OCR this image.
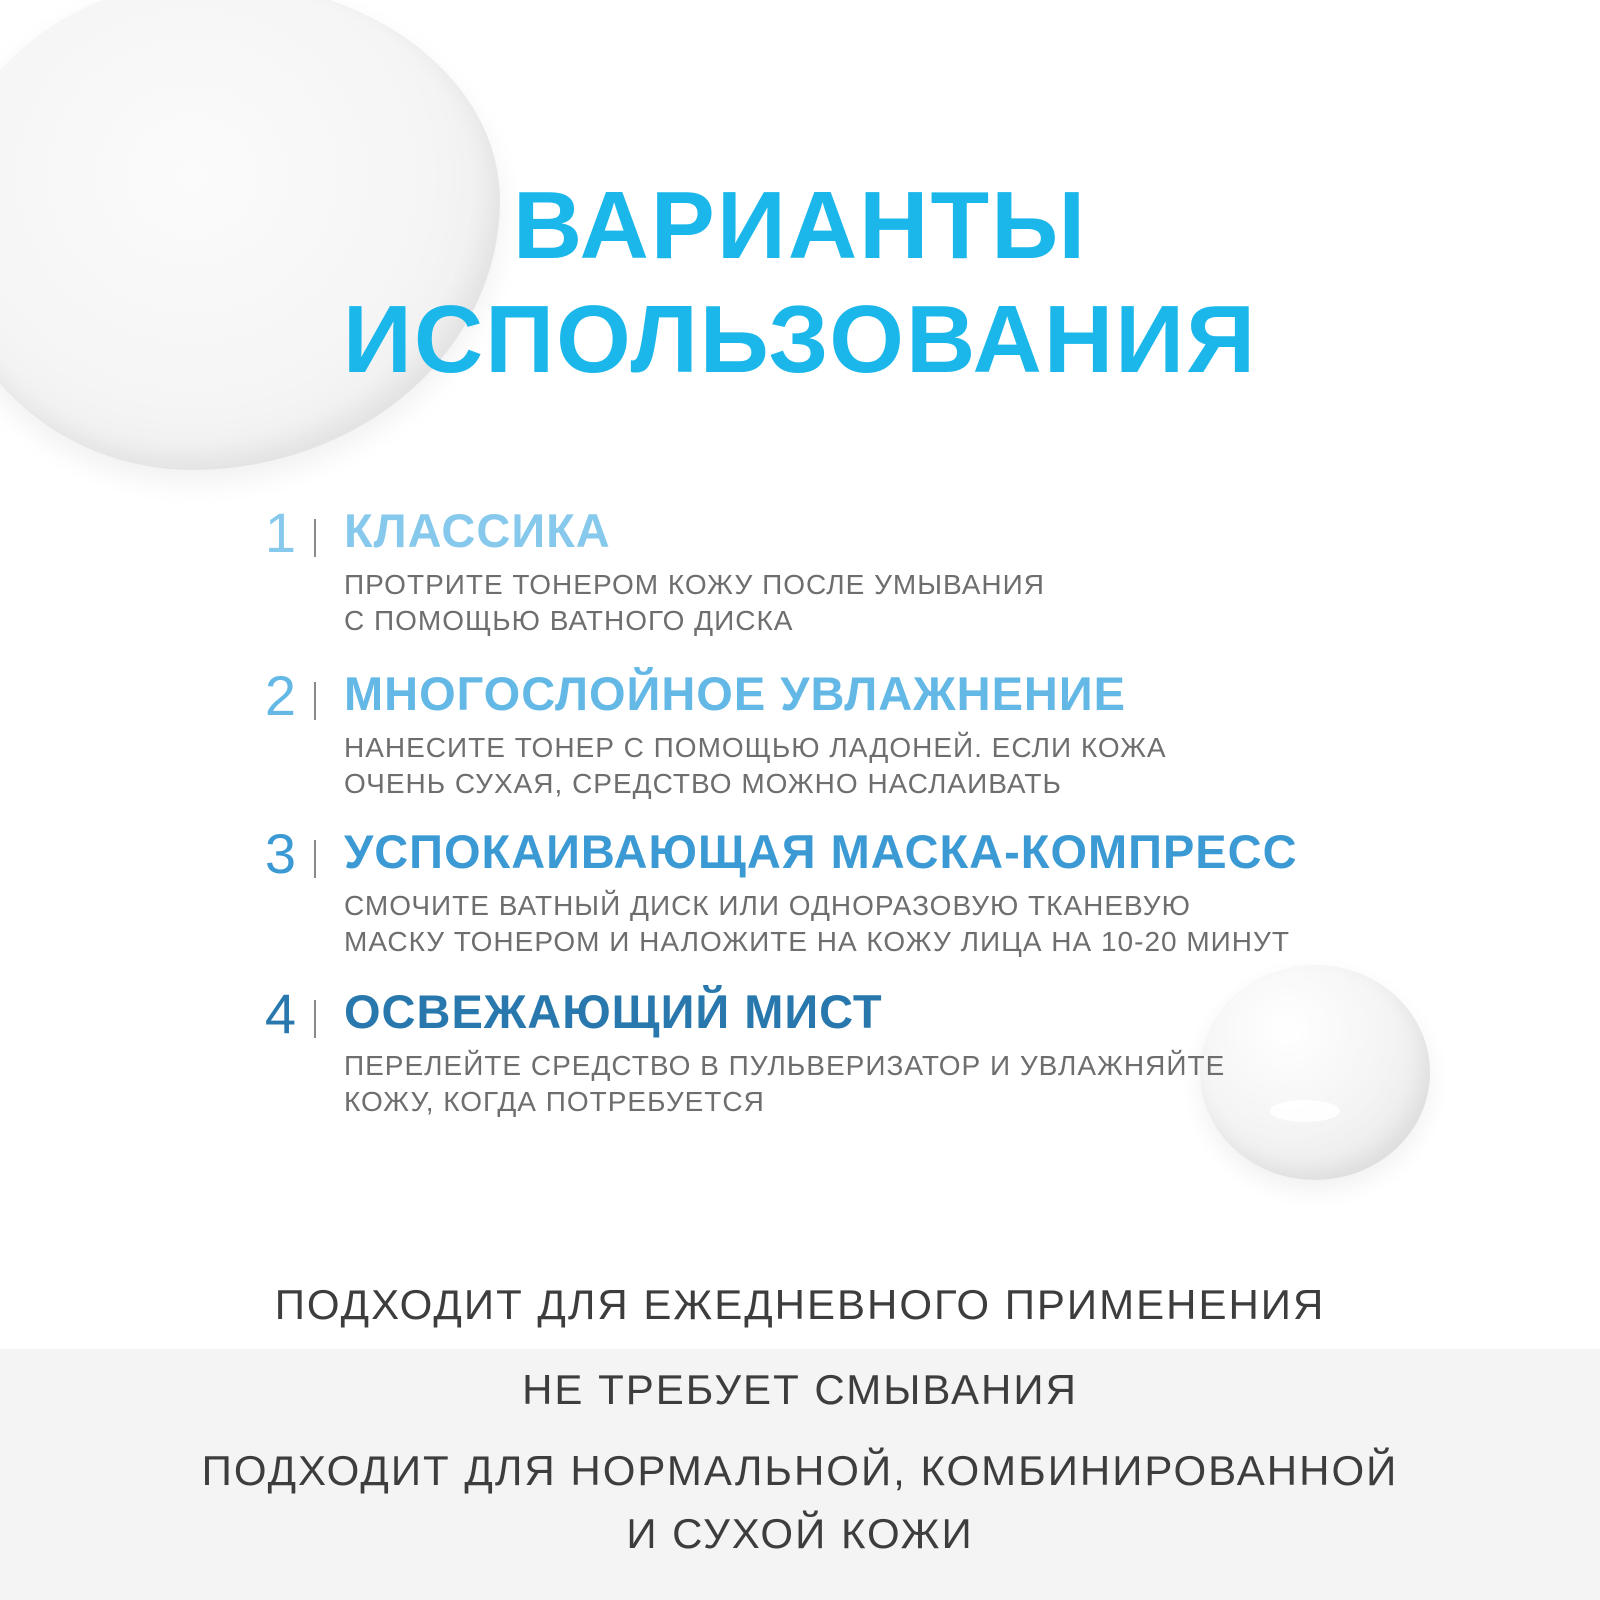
ВАРИАНТЫ
ИСПОЛЬЗОВАНИЯ
1 КЛАССИКА

ПРОТРИТЕ ТОНЕРОМ КОЖУ ПОСЛЕ УМЫВАНИЯ
С ПОМОЩЬЮ ВАТНОГО ДИСКА

2 МНОГОСЛОЙНОЕ УВЛАЖНЕНИЕ

НАНЕСИТЕ ТОНЕР С ПОМОЩЬЮ ЛАДОНЕЙ. ЕСЛИ КОЖА
ОЧЕНЬ СУХАЯ, СРЕДСТВО МОЖНО НАСЛАИВАТЬ

3 УСПОКАИВАЮЩАЯ МАСКА-КОМПРЕСС

СМОЧИТЕ ВАТНЫЙ ДИСК ИЛИ ОДНОРАЗОВУЮ ТКАНЕВУЮ
МАСКУ ТОНЕРОМ И НАЛОЖИТЕ НА КОЖУ ЛИЦА НА 10-20 МИНУТ

4 ОСВЕЖАЮЩИЙ МИСТ

ПЕРЕЛЕЙТЕ СРЕДСТВО В ПУЛЬВЕРИЗАТОР И УВЛАЖНЯЙТЕ
КОЖУ, КОГДА ПОТРЕБУЕТСЯ

ПОДХОДИТ ДЛЯ ЕЖЕДНЕВНОГО ПРИМЕНЕНИЯ

НЕ ТРЕБУЕТ СМЫВАНИЯ

ПОДХОДИТ ДЛЯ НОРМАЛЬНОЙ, КОМБИНИРОВАННОЙ

И СУХОЙ КОЖИ
